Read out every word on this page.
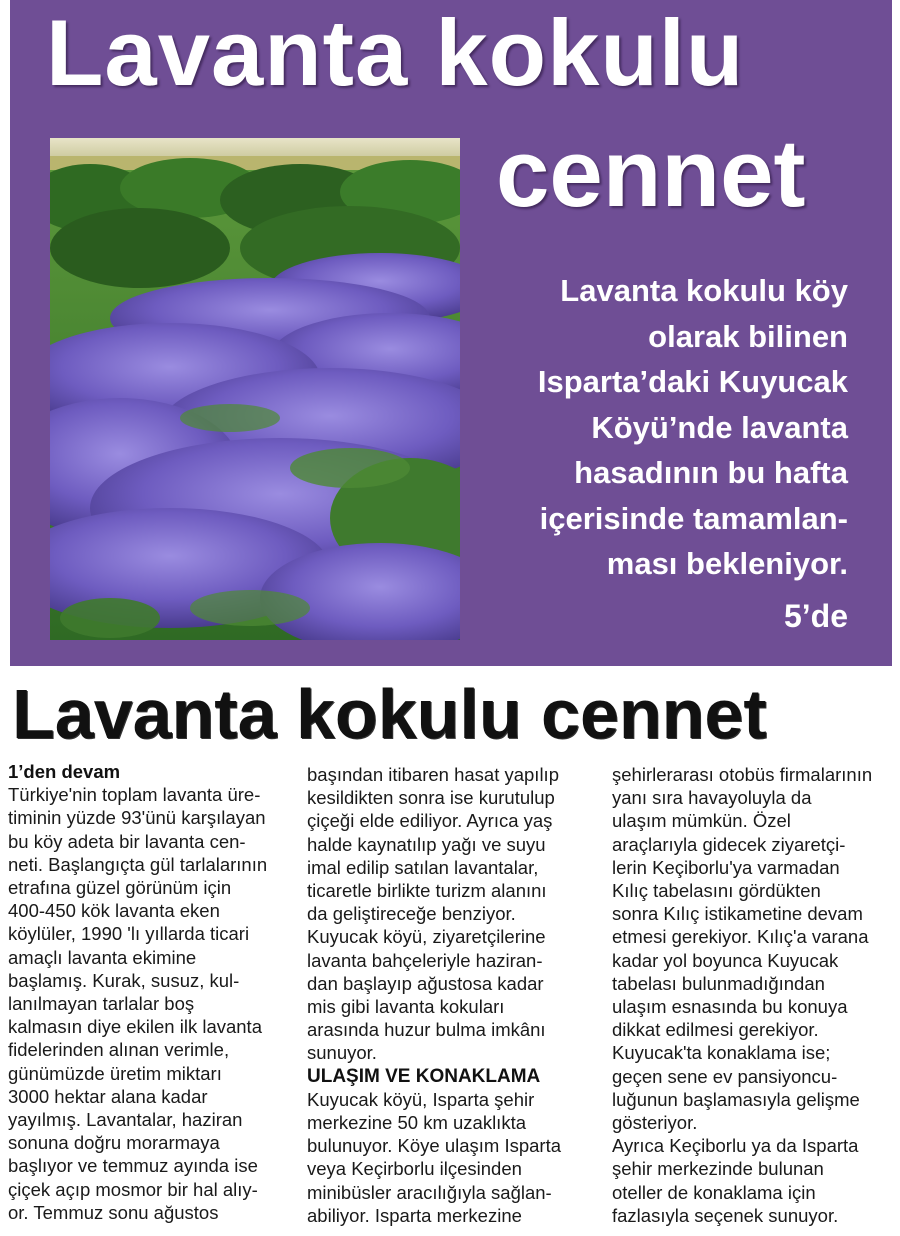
Lavanta kokulu
cennet
Lavanta kokulu köy
olarak bilinen
Isparta’daki Kuyucak
Köyü’nde lavanta
hasadının bu hafta
içerisinde tamamlan-
ması bekleniyor.
5’de
Lavanta kokulu cennet
1’den devam
Türkiye'nin toplam lavanta üre-
timinin yüzde 93'ünü karşılayan
bu köy adeta bir lavanta cen-
neti. Başlangıçta gül tarlalarının
etrafına güzel görünüm için
400-450 kök lavanta eken
köylüler, 1990 'lı yıllarda ticari
amaçlı lavanta ekimine
başlamış. Kurak, susuz, kul-
lanılmayan tarlalar boş
kalmasın diye ekilen ilk lavanta
fidelerinden alınan verimle,
günümüzde üretim miktarı
3000 hektar alana kadar
yayılmış. Lavantalar, haziran
sonuna doğru morarmaya
başlıyor ve temmuz ayında ise
çiçek açıp mosmor bir hal alıy-
or. Temmuz sonu ağustos
başından itibaren hasat yapılıp
kesildikten sonra ise kurutulup
çiçeği elde ediliyor. Ayrıca yaş
halde kaynatılıp yağı ve suyu
imal edilip satılan lavantalar,
ticaretle birlikte turizm alanını
da geliştireceğe benziyor.
Kuyucak köyü, ziyaretçilerine
lavanta bahçeleriyle haziran-
dan başlayıp ağustosa kadar
mis gibi lavanta kokuları
arasında huzur bulma imkânı
sunuyor.
ULAŞIM VE KONAKLAMA
Kuyucak köyü, Isparta şehir
merkezine 50 km uzaklıkta
bulunuyor. Köye ulaşım Isparta
veya Keçirborlu ilçesinden
minibüsler aracılığıyla sağlan-
abiliyor. Isparta merkezine
şehirlerarası otobüs firmalarının
yanı sıra havayoluyla da
ulaşım mümkün. Özel
araçlarıyla gidecek ziyaretçi-
lerin Keçiborlu'ya varmadan
Kılıç tabelasını gördükten
sonra Kılıç istikametine devam
etmesi gerekiyor. Kılıç'a varana
kadar yol boyunca Kuyucak
tabelası bulunmadığından
ulaşım esnasında bu konuya
dikkat edilmesi gerekiyor.
Kuyucak'ta konaklama ise;
geçen sene ev pansiyoncu-
luğunun başlamasıyla gelişme
gösteriyor.
Ayrıca Keçiborlu ya da Isparta
şehir merkezinde bulunan
oteller de konaklama için
fazlasıyla seçenek sunuyor.
